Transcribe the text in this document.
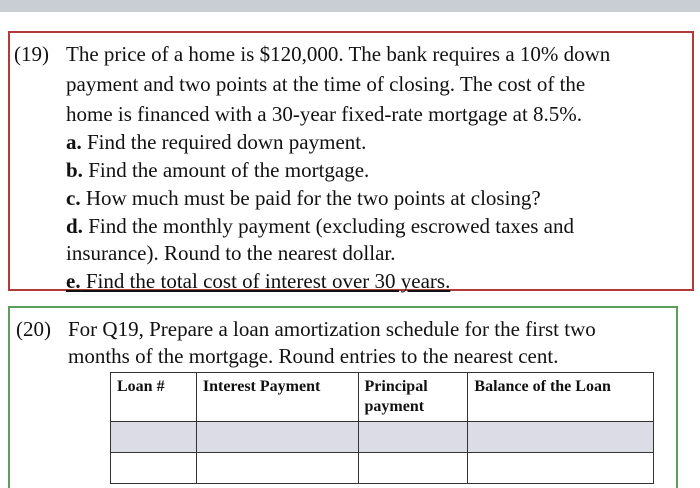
(19) The price of a home is $120,000. The bank requires a 10% down
payment and two points at the time of closing. The cost of the
home is financed with a 30-year fixed-rate mortgage at 8.5%.
a. Find the required down payment.
b. Find the amount of the mortgage.
c. How much must be paid for the two points at closing?
d. Find the monthly payment (excluding escrowed taxes and
insurance). Round to the nearest dollar.
e. Find the total cost of interest over 30 years.
(20) For Q19, Prepare a loan amortization schedule for the first two
months of the mortgage. Round entries to the nearest cent.
Loan #	Interest Payment	Principal payment	Balance of the Loan
